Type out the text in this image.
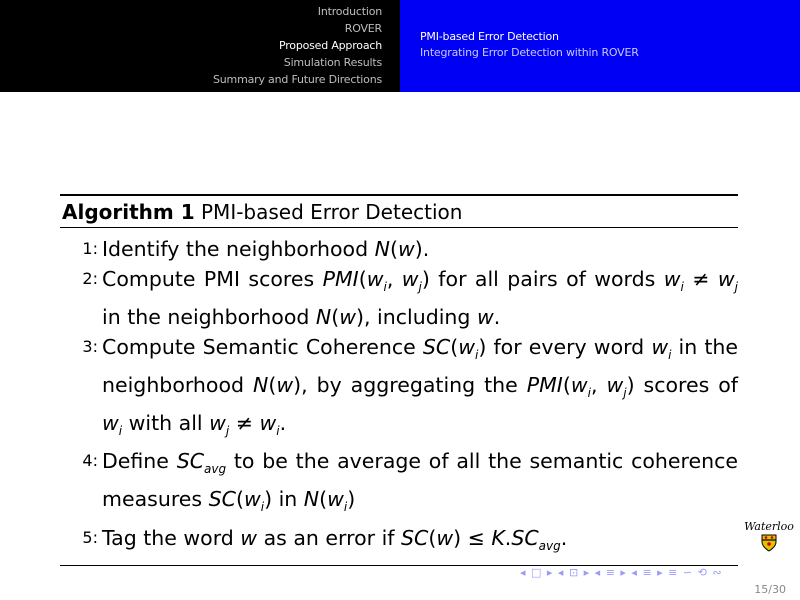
Introduction
ROVER
Proposed Approach
Simulation Results
Summary and Future Directions
PMI-based Error Detection
Integrating Error Detection within ROVER
Algorithm 1 PMI-based Error Detection
1: Identify the neighborhood N(w).
2: Compute PMI scores $PMI(w_i$, $w_j$) for all pairs of words $w_i \ne w_j$ in the neighborhood N(w), including w.
3: Compute Semantic Coherence $SC(w_i)$ for every word $w_i$ in the neighborhood N(w), by aggregating the $PMI(w_i$, $w_j$) scores of $w_i$ with all $w_j \ne w_i$.
4: Define $SC_{avg}$ to be the average of all the semantic coherence measures $SC(w_i)$ in $N(w_i)$
5: Tag the word w as an error if $SC(w) \le K.SC_{avg}$.	Waterloo
◂ □ ▸ ◂ ⊡ ▸ ◂ ≡ ▸ ◂ ≡ ▸ ≡ ∽ ⟲ ∾
15/30
